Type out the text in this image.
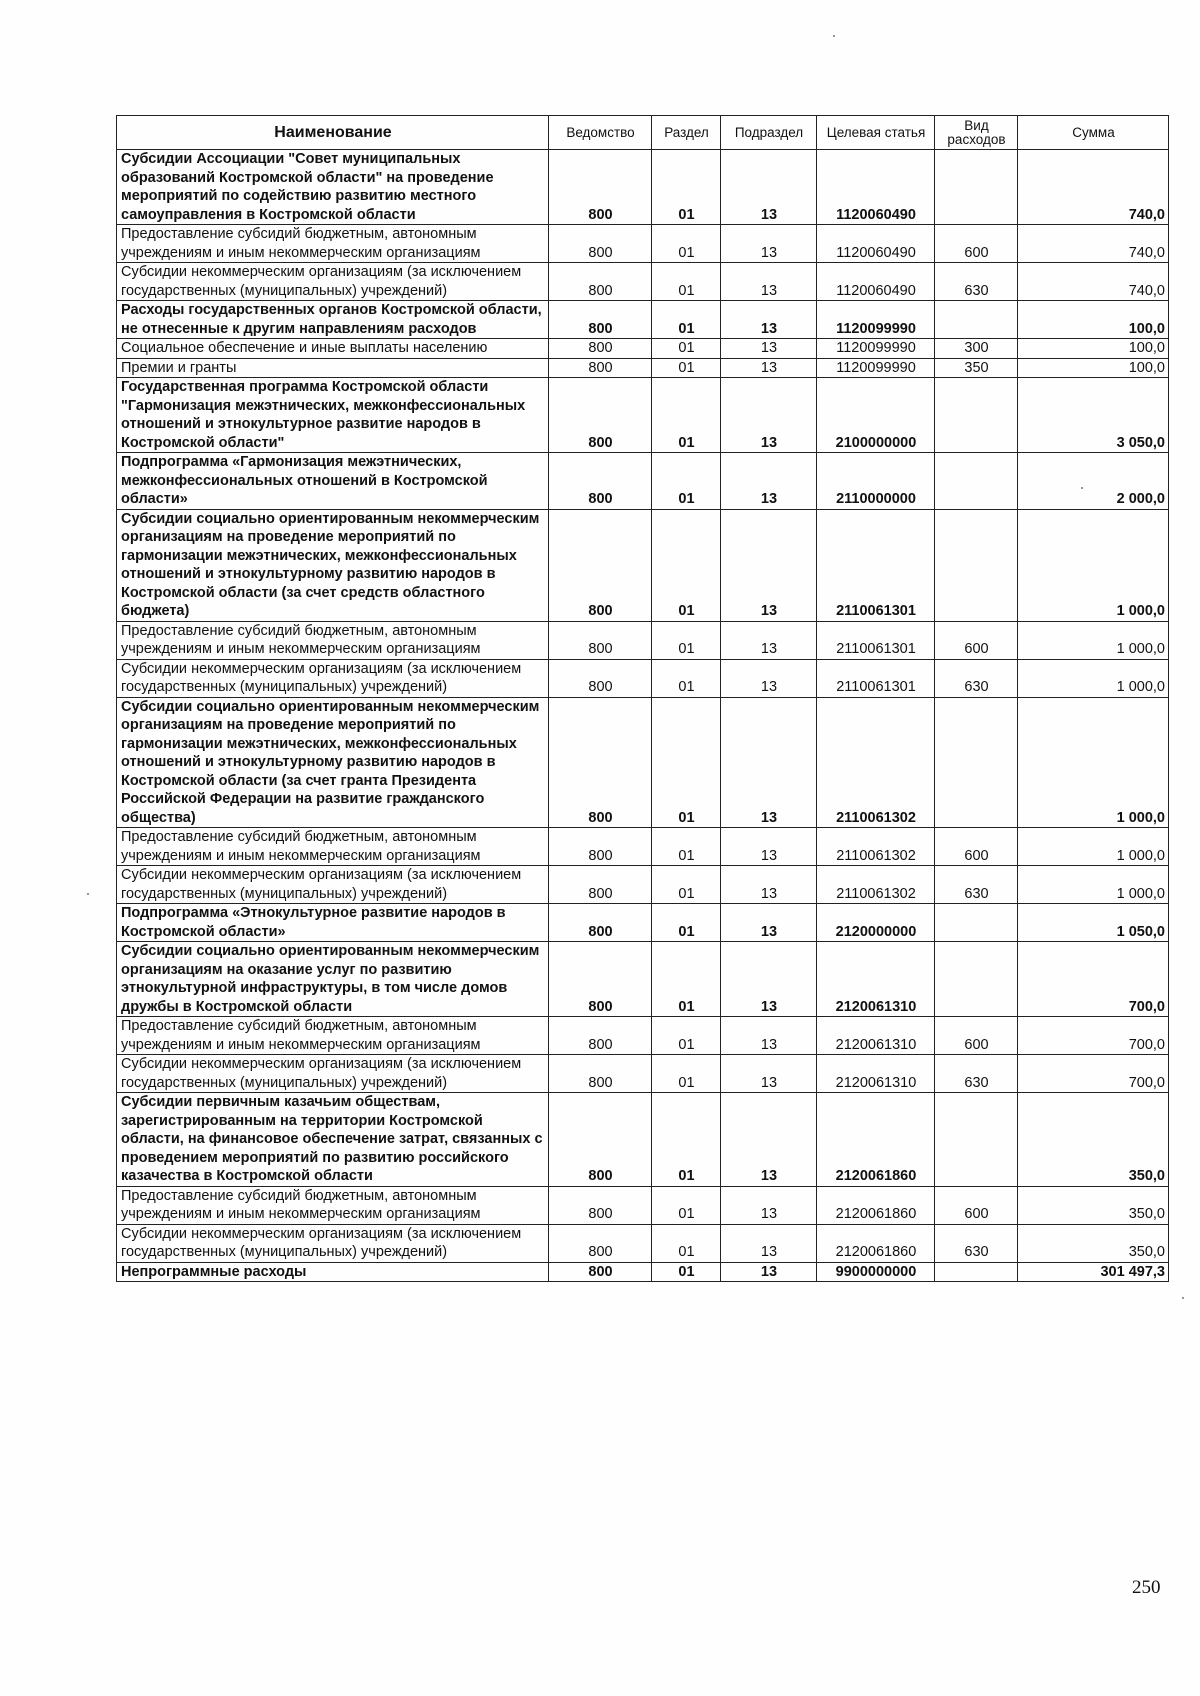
Наименование	Ведомство	Раздел	Подраздел	Целевая статья	Вид расходов	Сумма
Субсидии Ассоциации "Совет муниципальных образований Костромской области" на проведение мероприятий по содействию развитию местного самоуправления в Костромской области	800	01	13	1120060490		740,0
Предоставление субсидий бюджетным, автономным учреждениям и иным некоммерческим организациям	800	01	13	1120060490	600	740,0
Субсидии некоммерческим организациям (за исключением государственных (муниципальных) учреждений)	800	01	13	1120060490	630	740,0
Расходы государственных органов Костромской области, не отнесенные к другим направлениям расходов	800	01	13	1120099990		100,0
Социальное обеспечение и иные выплаты населению	800	01	13	1120099990	300	100,0
Премии и гранты	800	01	13	1120099990	350	100,0
Государственная программа Костромской области "Гармонизация межэтнических, межконфессиональных отношений и этнокультурное развитие народов в Костромской области"	800	01	13	2100000000		3 050,0
Подпрограмма «Гармонизация межэтнических, межконфессиональных отношений в Костромской области»	800	01	13	2110000000		2 000,0
Субсидии социально ориентированным некоммерческим организациям на проведение мероприятий по гармонизации межэтнических, межконфессиональных отношений и этнокультурному развитию народов в Костромской области (за счет средств областного бюджета)	800	01	13	2110061301		1 000,0
Предоставление субсидий бюджетным, автономным учреждениям и иным некоммерческим организациям	800	01	13	2110061301	600	1 000,0
Субсидии некоммерческим организациям (за исключением государственных (муниципальных) учреждений)	800	01	13	2110061301	630	1 000,0
Субсидии социально ориентированным некоммерческим организациям на проведение мероприятий по гармонизации межэтнических, межконфессиональных отношений и этнокультурному развитию народов в Костромской области (за счет гранта Президента Российской Федерации на развитие гражданского общества)	800	01	13	2110061302		1 000,0
Предоставление субсидий бюджетным, автономным учреждениям и иным некоммерческим организациям	800	01	13	2110061302	600	1 000,0
Субсидии некоммерческим организациям (за исключением государственных (муниципальных) учреждений)	800	01	13	2110061302	630	1 000,0
Подпрограмма «Этнокультурное развитие народов в Костромской области»	800	01	13	2120000000		1 050,0
Субсидии социально ориентированным некоммерческим организациям на оказание услуг по развитию этнокультурной инфраструктуры, в том числе домов дружбы в Костромской области	800	01	13	2120061310		700,0
Предоставление субсидий бюджетным, автономным учреждениям и иным некоммерческим организациям	800	01	13	2120061310	600	700,0
Субсидии некоммерческим организациям (за исключением государственных (муниципальных) учреждений)	800	01	13	2120061310	630	700,0
Субсидии первичным казачьим обществам, зарегистрированным на территории Костромской области, на финансовое обеспечение затрат, связанных с проведением мероприятий по развитию российского казачества в Костромской области	800	01	13	2120061860		350,0
Предоставление субсидий бюджетным, автономным учреждениям и иным некоммерческим организациям	800	01	13	2120061860	600	350,0
Субсидии некоммерческим организациям (за исключением государственных (муниципальных) учреждений)	800	01	13	2120061860	630	350,0
Непрограммные расходы	800	01	13	9900000000		301 497,3
250
